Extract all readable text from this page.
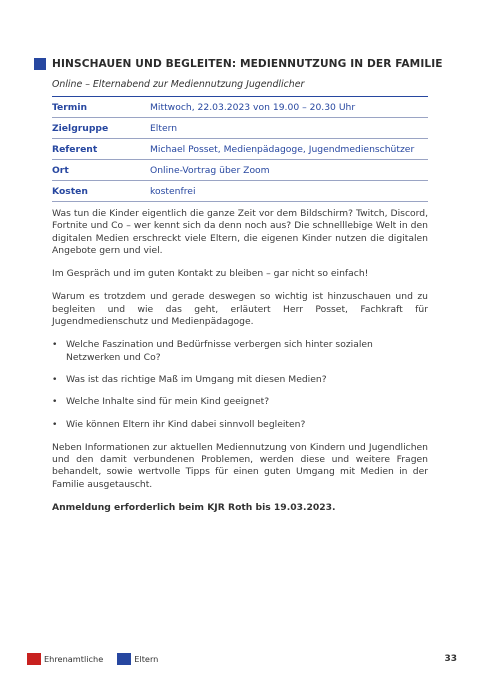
HINSCHAUEN UND BEGLEITEN: MEDIENNUTZUNG IN DER FAMILIE
Online – Elternabend zur Mediennutzung Jugendlicher
Termin	Mittwoch, 22.03.2023 von 19.00 – 20.30 Uhr
Zielgruppe	Eltern
Referent	Michael Posset, Medienpädagoge, Jugendmedienschützer
Ort	Online-Vortrag über Zoom
Kosten	kostenfrei

Was tun die Kinder eigentlich die ganze Zeit vor dem Bildschirm? Twitch, Discord, Fortnite und Co – wer kennt sich da denn noch aus? Die schnelllebige Welt in den digitalen Medien erschreckt viele Eltern, die eigenen Kinder nutzen die digitalen Angebote gern und viel.

Im Gespräch und im guten Kontakt zu bleiben – gar nicht so einfach!

Warum es trotzdem und gerade deswegen so wichtig ist hinzuschauen und zu begleiten und wie das geht, erläutert Herr Posset, Fachkraft für Jugendmedienschutz und Medienpädagoge.

• Welche Faszination und Bedürfnisse verbergen sich hinter sozialen Netzwerken und Co?
• Was ist das richtige Maß im Umgang mit diesen Medien?
• Welche Inhalte sind für mein Kind geeignet?
• Wie können Eltern ihr Kind dabei sinnvoll begleiten?

Neben Informationen zur aktuellen Mediennutzung von Kindern und Jugendlichen und den damit verbundenen Problemen, werden diese und weitere Fragen behandelt, sowie wertvolle Tipps für einen guten Umgang mit Medien in der Familie ausgetauscht.

Anmeldung erforderlich beim KJR Roth bis 19.03.2023.

Ehrenamtliche	Eltern	33
